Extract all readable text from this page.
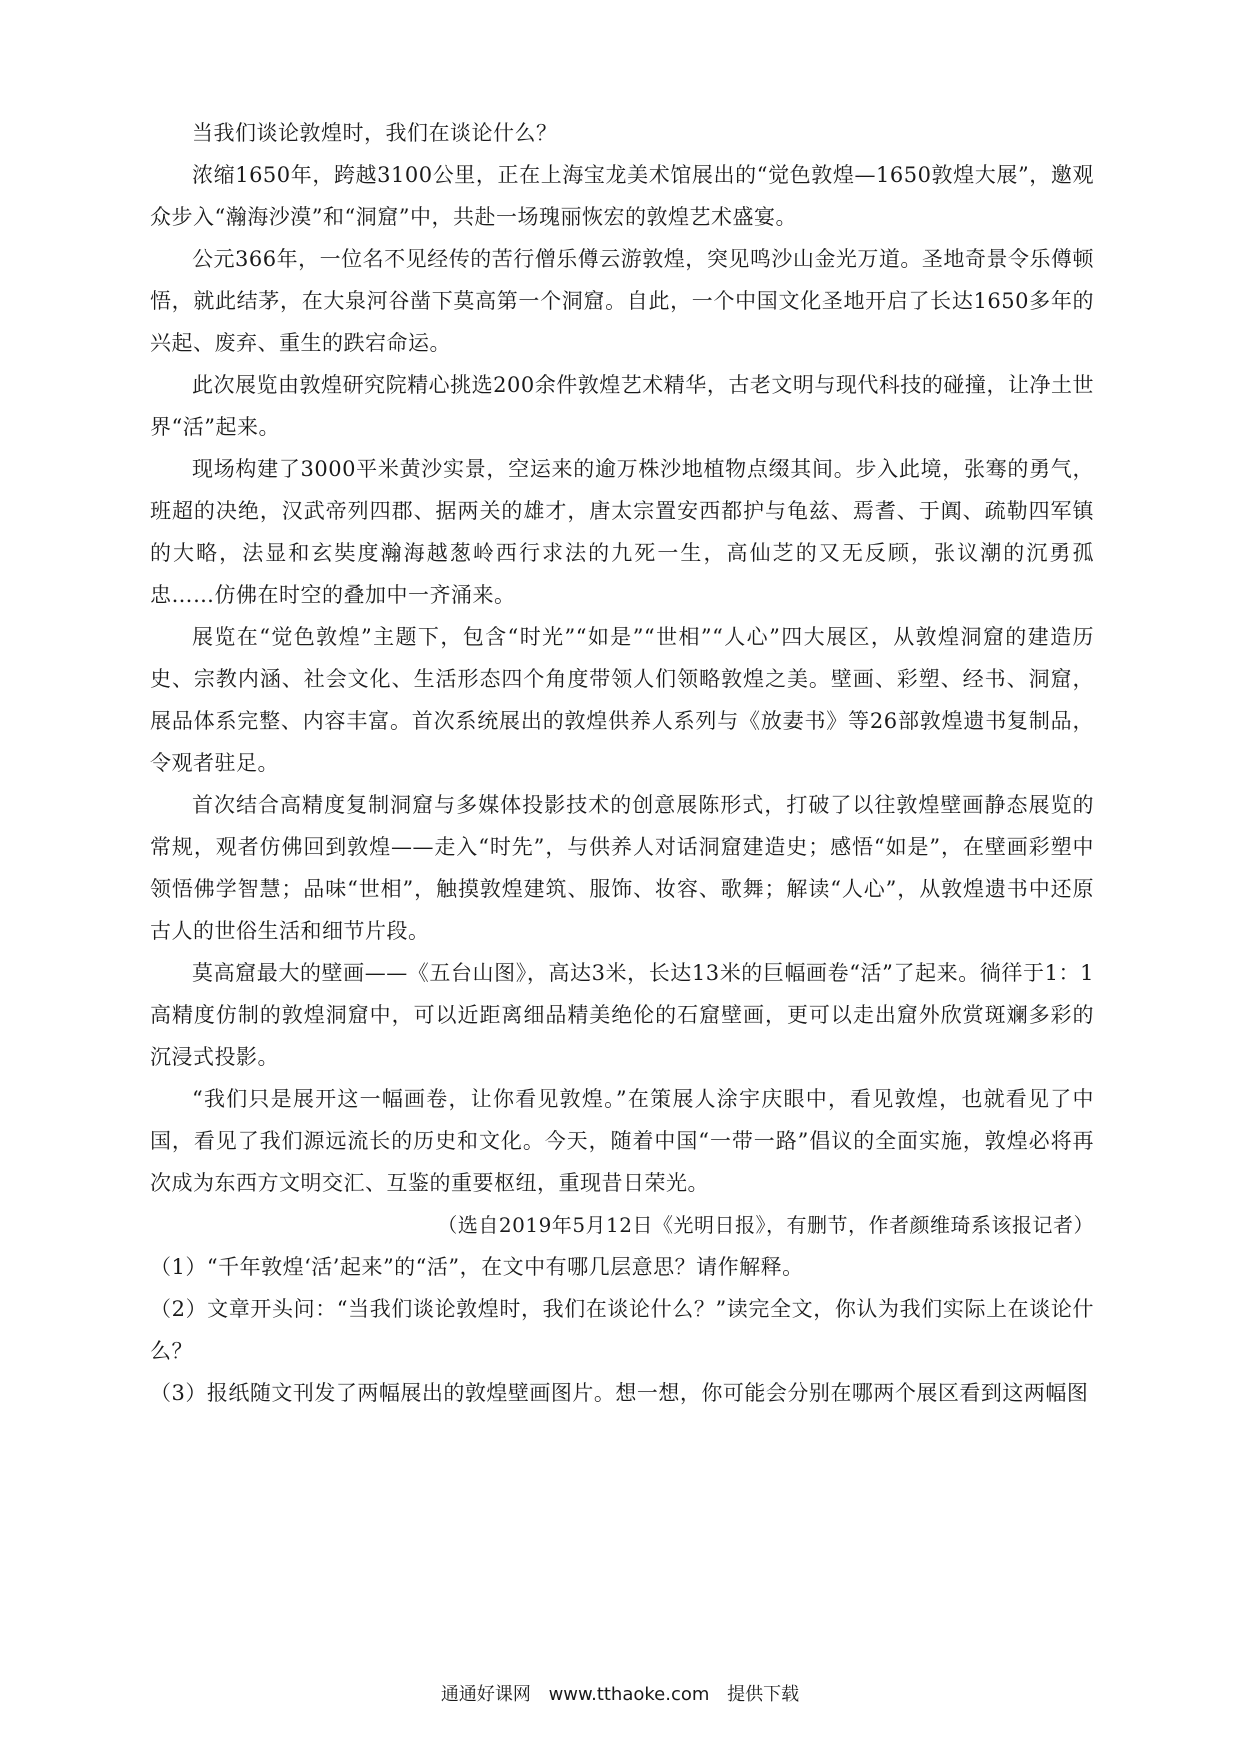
当我们谈论敦煌时，我们在谈论什么？

浓缩1650年，跨越3100公里，正在上海宝龙美术馆展出的“觉色敦煌—1650敦煌大展”，邀观众步入“瀚海沙漠”和“洞窟”中，共赴一场瑰丽恢宏的敦煌艺术盛宴。

公元366年，一位名不见经传的苦行僧乐僔云游敦煌，突见鸣沙山金光万道。圣地奇景令乐僔顿悟，就此结茅，在大泉河谷凿下莫高第一个洞窟。自此，一个中国文化圣地开启了长达1650多年的兴起、废弃、重生的跌宕命运。

此次展览由敦煌研究院精心挑选200余件敦煌艺术精华，古老文明与现代科技的碰撞，让净土世界“活”起来。

现场构建了3000平米黄沙实景，空运来的逾万株沙地植物点缀其间。步入此境，张骞的勇气，班超的决绝，汉武帝列四郡、据两关的雄才，唐太宗置安西都护与龟兹、焉耆、于阗、疏勒四军镇的大略，法显和玄奘度瀚海越葱岭西行求法的九死一生，高仙芝的又无反顾，张议潮的沉勇孤忠……仿佛在时空的叠加中一齐涌来。

展览在“觉色敦煌”主题下，包含“时光”“如是”“世相”“人心”四大展区，从敦煌洞窟的建造历史、宗教内涵、社会文化、生活形态四个角度带领人们领略敦煌之美。壁画、彩塑、经书、洞窟，展品体系完整、内容丰富。首次系统展出的敦煌供养人系列与《放妻书》等26部敦煌遗书复制品，令观者驻足。

首次结合高精度复制洞窟与多媒体投影技术的创意展陈形式，打破了以往敦煌壁画静态展览的常规，观者仿佛回到敦煌——走入“时先”，与供养人对话洞窟建造史；感悟“如是”，在壁画彩塑中领悟佛学智慧；品味“世相”，触摸敦煌建筑、服饰、妆容、歌舞；解读“人心”，从敦煌遗书中还原古人的世俗生活和细节片段。

莫高窟最大的壁画——《五台山图》，高达3米，长达13米的巨幅画卷“活”了起来。徜徉于1：1高精度仿制的敦煌洞窟中，可以近距离细品精美绝伦的石窟壁画，更可以走出窟外欣赏斑斓多彩的沉浸式投影。

“我们只是展开这一幅画卷，让你看见敦煌。”在策展人涂宇庆眼中，看见敦煌，也就看见了中国，看见了我们源远流长的历史和文化。今天，随着中国“一带一路”倡议的全面实施，敦煌必将再次成为东西方文明交汇、互鉴的重要枢纽，重现昔日荣光。

（选自2019年5月12日《光明日报》，有删节，作者颜维琦系该报记者）

（1）“千年敦煌‘活’起来”的“活”，在文中有哪几层意思？请作解释。

（2）文章开头问：“当我们谈论敦煌时，我们在谈论什么？”读完全文，你认为我们实际上在谈论什么？

（3）报纸随文刊发了两幅展出的敦煌壁画图片。想一想，你可能会分别在哪两个展区看到这两幅图

通通好课网 www.tthaoke.com 提供下载
